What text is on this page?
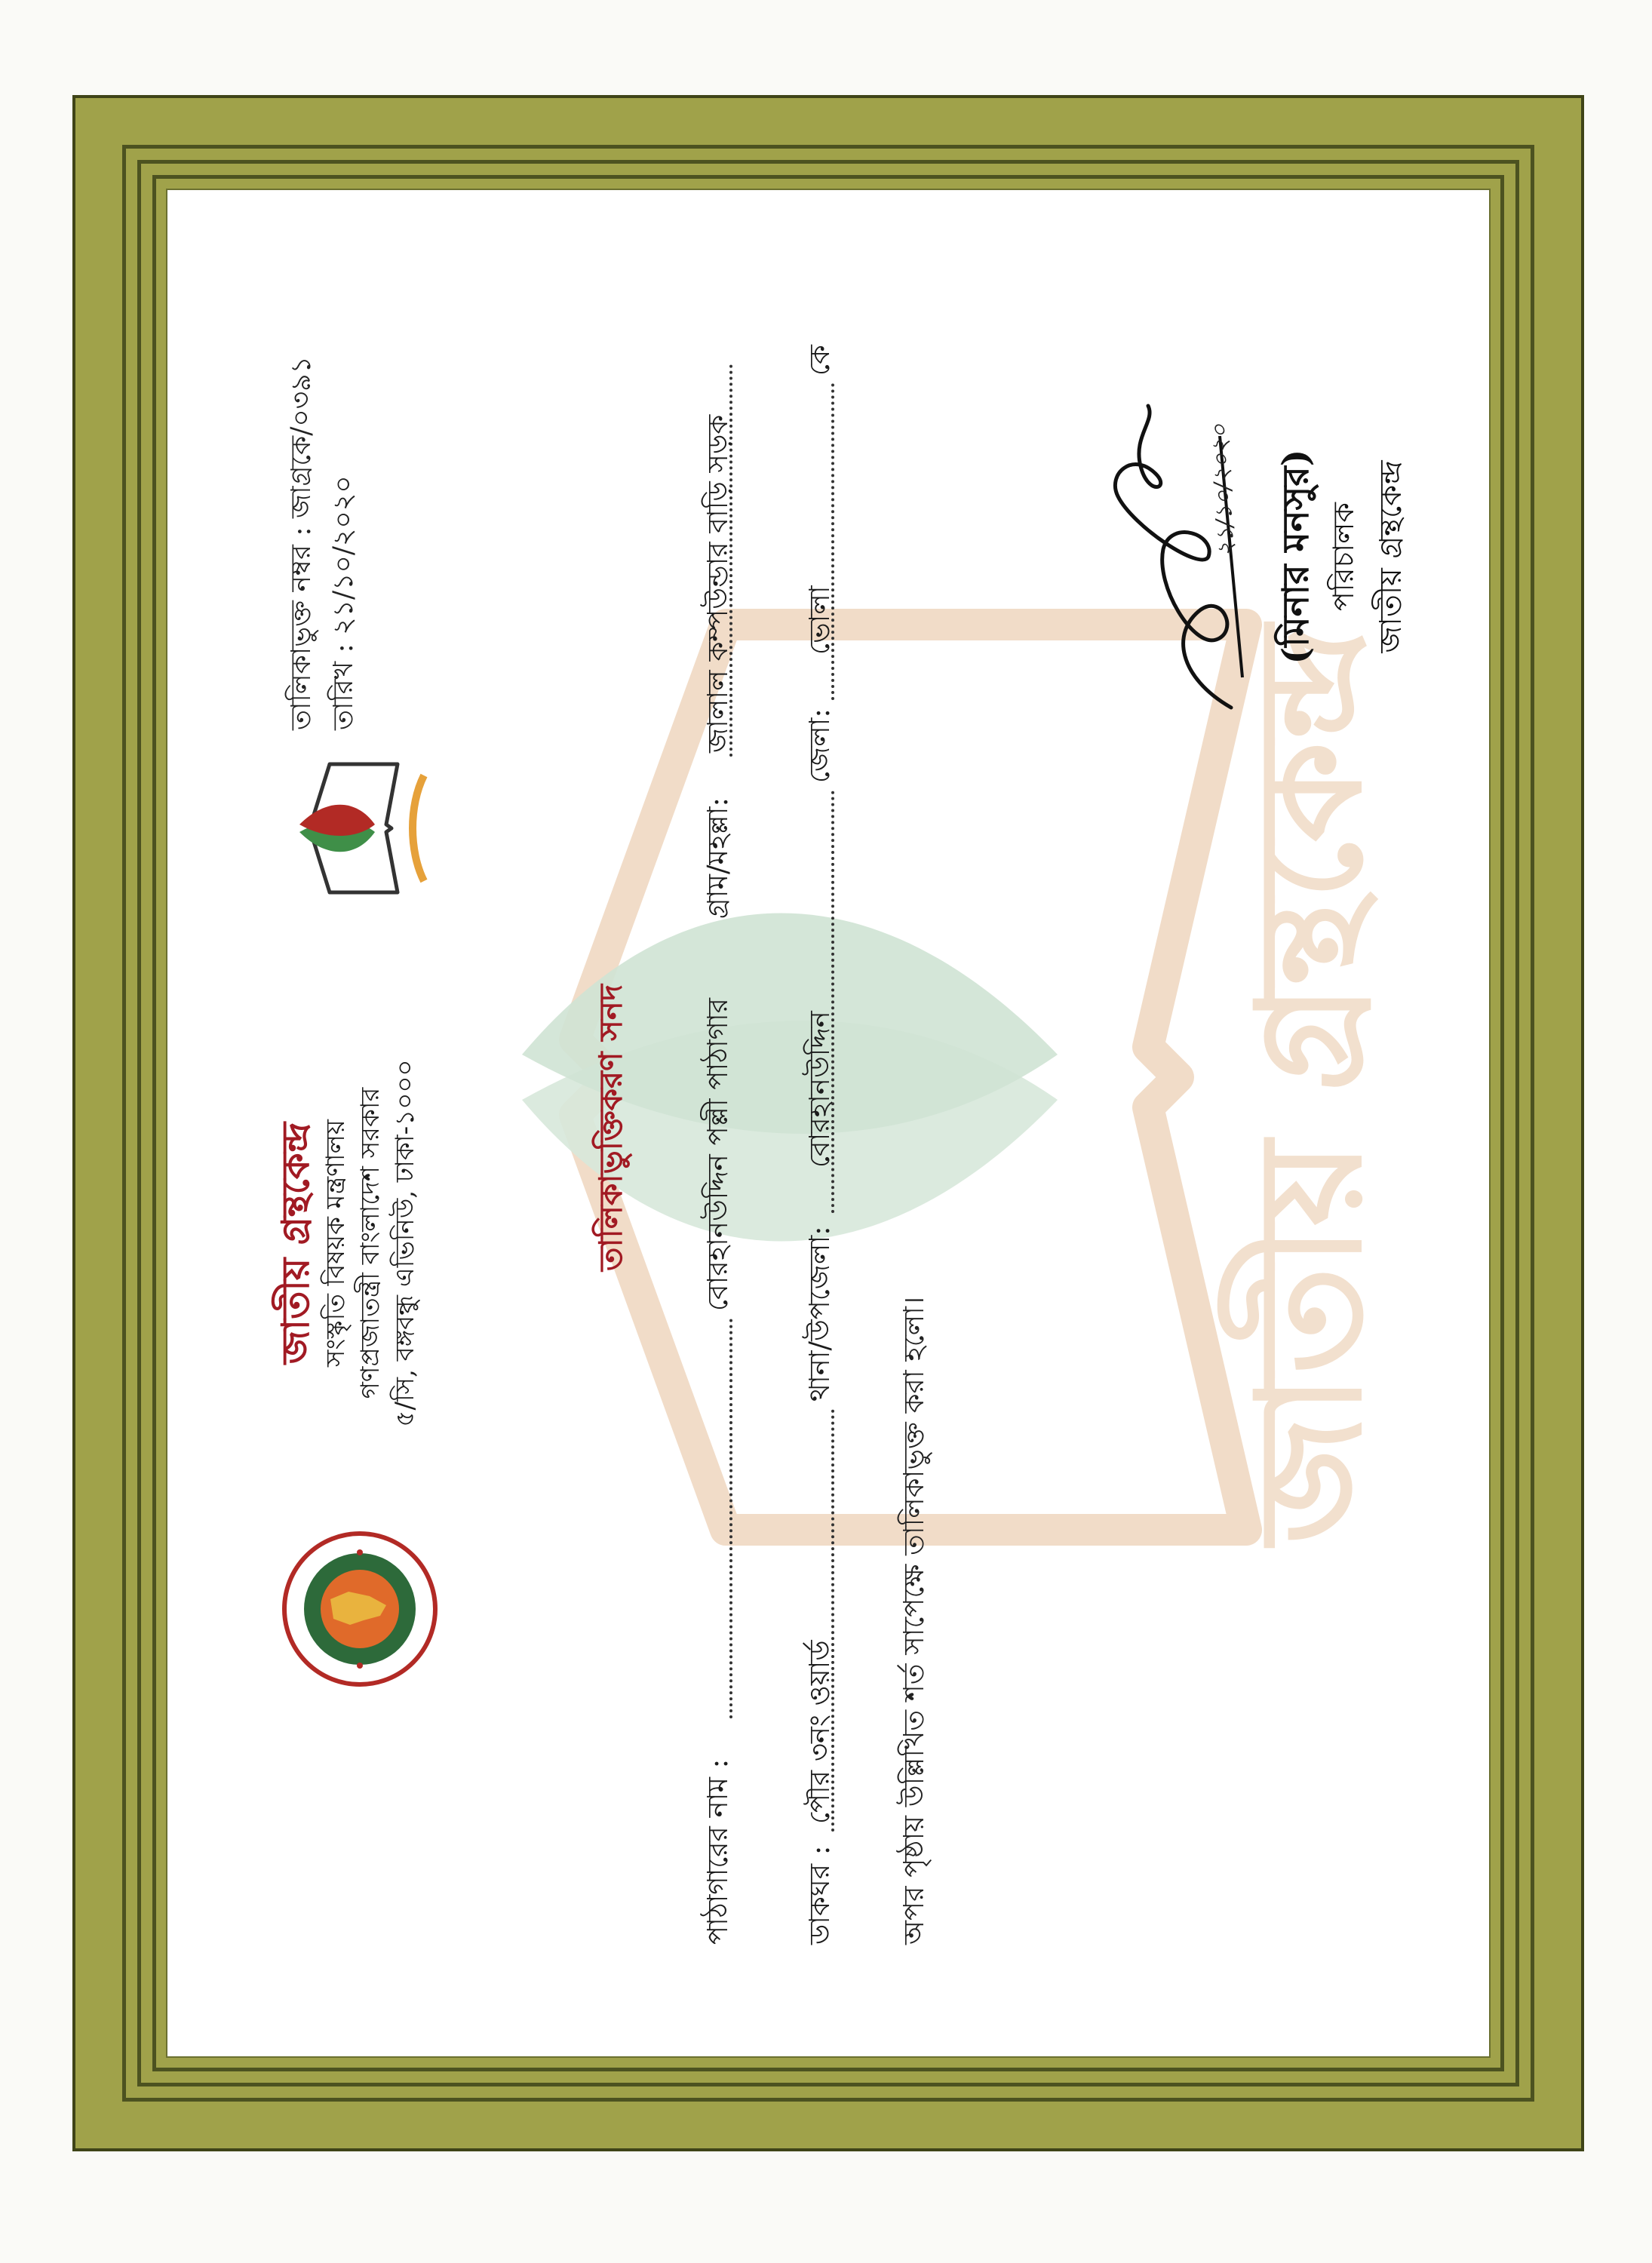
জাতীয় গ্রন্থকেন্দ্র
জাতীয় গ্রন্থকেন্দ্র সংস্কৃতি বিষয়ক মন্ত্রণালয় গণপ্রজাতন্ত্রী বাংলাদেশ সরকার ৫/সি, বঙ্গবন্ধু এভিনিউ, ঢাকা-১০০০
তালিকাভুক্ত নম্বর : জাগ্রকে/০৩৯১ তারিখ : ২১/১০/২০২০
তালিকাভুক্তিকরণ সনদ
পাঠাগারের নাম :
বোরহানউদ্দিন পল্লী পাঠাগার
গ্রাম/মহল্লা:
জালাল কম্পউন্ডার বাড়ি সড়ক
ডাকঘর :
পৌর ৩নং ওয়ার্ড
থানা/উপজেলা:
বোরহানউদ্দিন
জেলা:
ভোলা
কে
অপর পৃষ্ঠায় উল্লিখিত শর্ত সাপেক্ষে তালিকাভুক্ত করা হলো।
২১/১০/২০২০ (মিনার মনসুর) পরিচালক জাতীয় গ্রন্থকেন্দ্র
